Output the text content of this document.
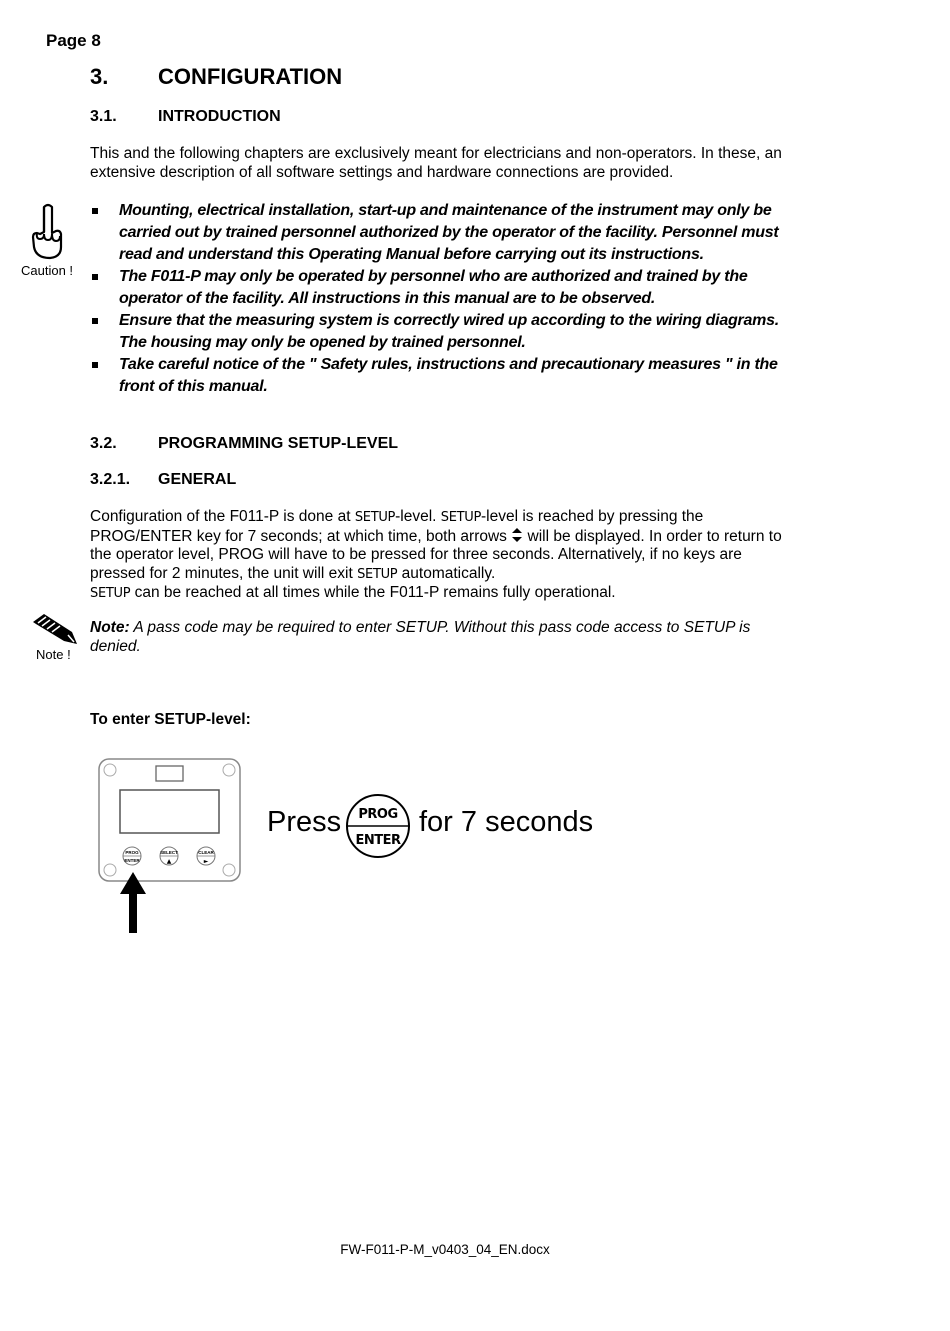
Page 8
3. CONFIGURATION
3.1.	INTRODUCTION
This and the following chapters are exclusively meant for electricians and non-operators. In these, an extensive description of all software settings and hardware connections are provided.
Caution !
Mounting, electrical installation, start-up and maintenance of the instrument may only be carried out by trained personnel authorized by the operator of the facility. Personnel must read and understand this Operating Manual before carrying out its instructions.
The F011-P may only be operated by personnel who are authorized and trained by the operator of the facility. All instructions in this manual are to be observed.
Ensure that the measuring system is correctly wired up according to the wiring diagrams. The housing may only be opened by trained personnel.
Take careful notice of the " Safety rules, instructions and precautionary measures " in the front of this manual.
3.2.	PROGRAMMING SETUP-LEVEL
3.2.1. GENERAL
Configuration of the F011-P is done at SETUP-level. SETUP-level is reached by pressing the PROG/ENTER key for 7 seconds; at which time, both arrows  will be displayed. In order to return to the operator level, PROG will have to be pressed for three seconds. Alternatively, if no keys are pressed for 2 minutes, the unit will exit SETUP automatically.
SETUP can be reached at all times while the F011-P remains fully operational.
Note !
Note: A pass code may be required to enter SETUP. Without this pass code access to SETUP is denied.
To enter SETUP-level:
PROG
ENTER
SELECT
▲
CLEAR
►
Press PROG
ENTER
for 7 seconds
FW-F011-P-M_v0403_04_EN.docx
